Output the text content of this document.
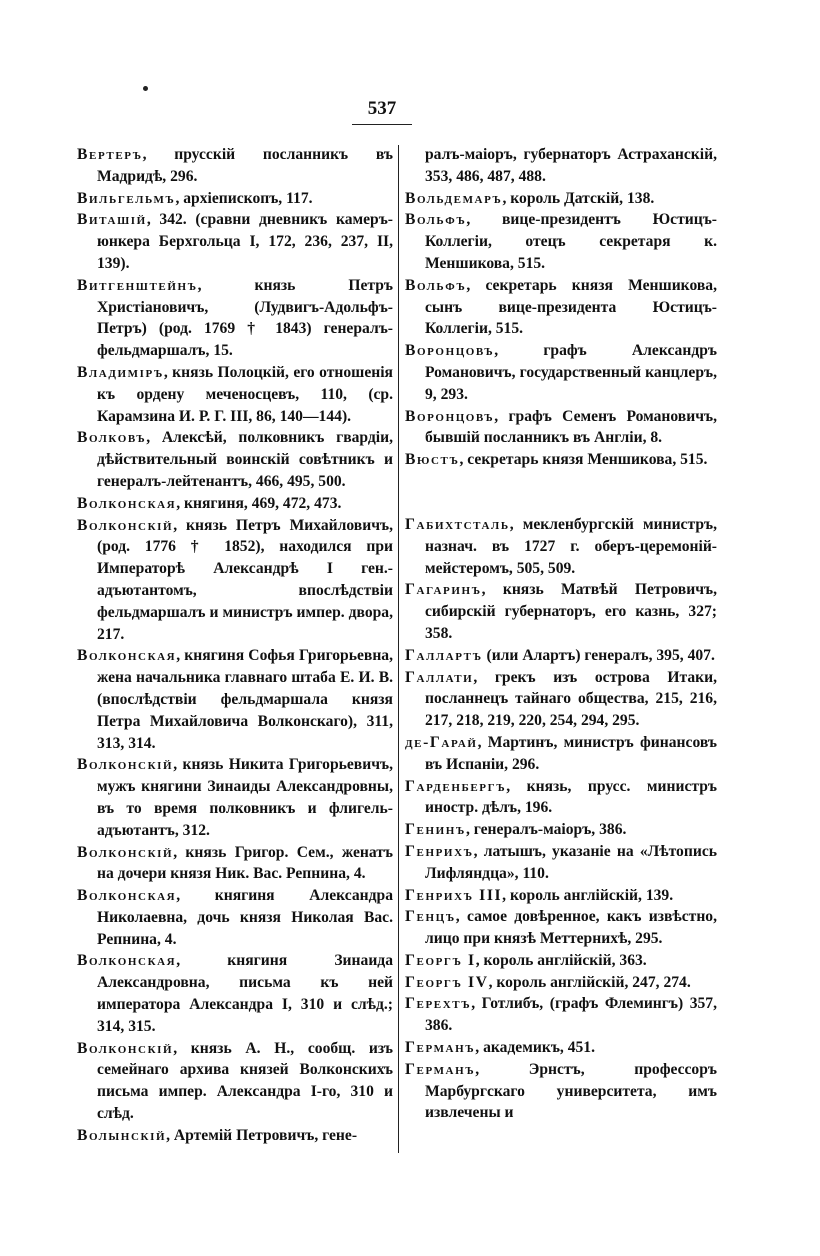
537

Вертеръ, прусскій посланникъ въ Мадридѣ, 296.

Вильгельмъ, архіепископъ, 117.

Виташій, 342. (сравни дневникъ камеръ-юнкера Берхгольца I, 172, 236, 237, II, 139).

Витгенштейнъ, князь Петръ Христіановичъ, (Лудвигъ-Адольфъ-Петръ) (род. 1769 † 1843) генералъ-фельдмаршалъ, 15.

Владиміръ, князь Полоцкій, его отношенія къ ордену меченосцевъ, 110, (ср. Карамзина И. Р. Г. III, 86, 140—144).

Волковъ, Алексѣй, полковникъ гвардіи, дѣйствительный воинскій совѣтникъ и генералъ-лейтенантъ, 466, 495, 500.

Волконская, княгиня, 469, 472, 473.

Волконскій, князь Петръ Михайловичъ, (род. 1776 † 1852), находился при Императорѣ Александрѣ I ген.-адъютантомъ, впослѣдствіи фельдмаршалъ и министръ импер. двора, 217.

Волконская, княгиня Софья Григорьевна, жена начальника главнаго штаба Е. И. В. (впослѣдствіи фельдмаршала князя Петра Михайловича Волконскаго), 311, 313, 314.

Волконскій, князь Никита Григорьевичъ, мужъ княгини Зинаиды Александровны, въ то время полковникъ и флигель-адъютантъ, 312.

Волконскій, князь Григор. Сем., женатъ на дочери князя Ник. Вас. Репнина, 4.

Волконская, княгиня Александра Николаевна, дочь князя Николая Вас. Репнина, 4.

Волконская, княгиня Зинаида Александровна, письма къ ней императора Александра I, 310 и слѣд.; 314, 315.

Волконскій, князь А. Н., сообщ. изъ семейнаго архива князей Волконскихъ письма импер. Александра I-го, 310 и слѣд.

Волынскій, Артемій Петровичъ, гене-

ралъ-маіоръ, губернаторъ Астраханскій, 353, 486, 487, 488.

Вольдемаръ, король Датскій, 138.

Вольфъ, вице-президентъ Юстицъ-Коллегіи, отецъ секретаря к. Меншикова, 515.

Вольфъ, секретарь князя Меншикова, сынъ вице-президента Юстицъ-Коллегіи, 515.

Воронцовъ, графъ Александръ Романовичъ, государственный канцлеръ, 9, 293.

Воронцовъ, графъ Семенъ Романовичъ, бывшій посланникъ въ Англіи, 8.

Вюстъ, секретарь князя Меншикова, 515.

Габихтсталь, мекленбургскій министръ, назнач. въ 1727 г. оберъ-церемоній-мейстеромъ, 505, 509.

Гагаринъ, князь Матвѣй Петровичъ, сибирскій губернаторъ, его казнь, 327; 358.

Галлартъ (или Алартъ) генералъ, 395, 407.

Галлати, грекъ изъ острова Итаки, посланнецъ тайнаго общества, 215, 216, 217, 218, 219, 220, 254, 294, 295.

де-Гарай, Мартинъ, министръ финансовъ въ Испаніи, 296.

Гарденбергъ, князь, прусс. министръ иностр. дѣлъ, 196.

Генинъ, генералъ-маіоръ, 386.

Генрихъ, латышъ, указаніе на «Лѣтопись Лифляндца», 110.

Генрихъ III, король англійскій, 139.

Генцъ, самое довѣренное, какъ извѣстно, лицо при князѣ Меттернихѣ, 295.

Георгъ I, король англійскій, 363.

Георгъ IV, король англійскій, 247, 274.

Герехтъ, Готлибъ, (графъ Флемингъ) 357, 386.

Германъ, академикъ, 451.

Германъ, Эрнстъ, профессоръ Марбургскаго университета, имъ извлечены и
